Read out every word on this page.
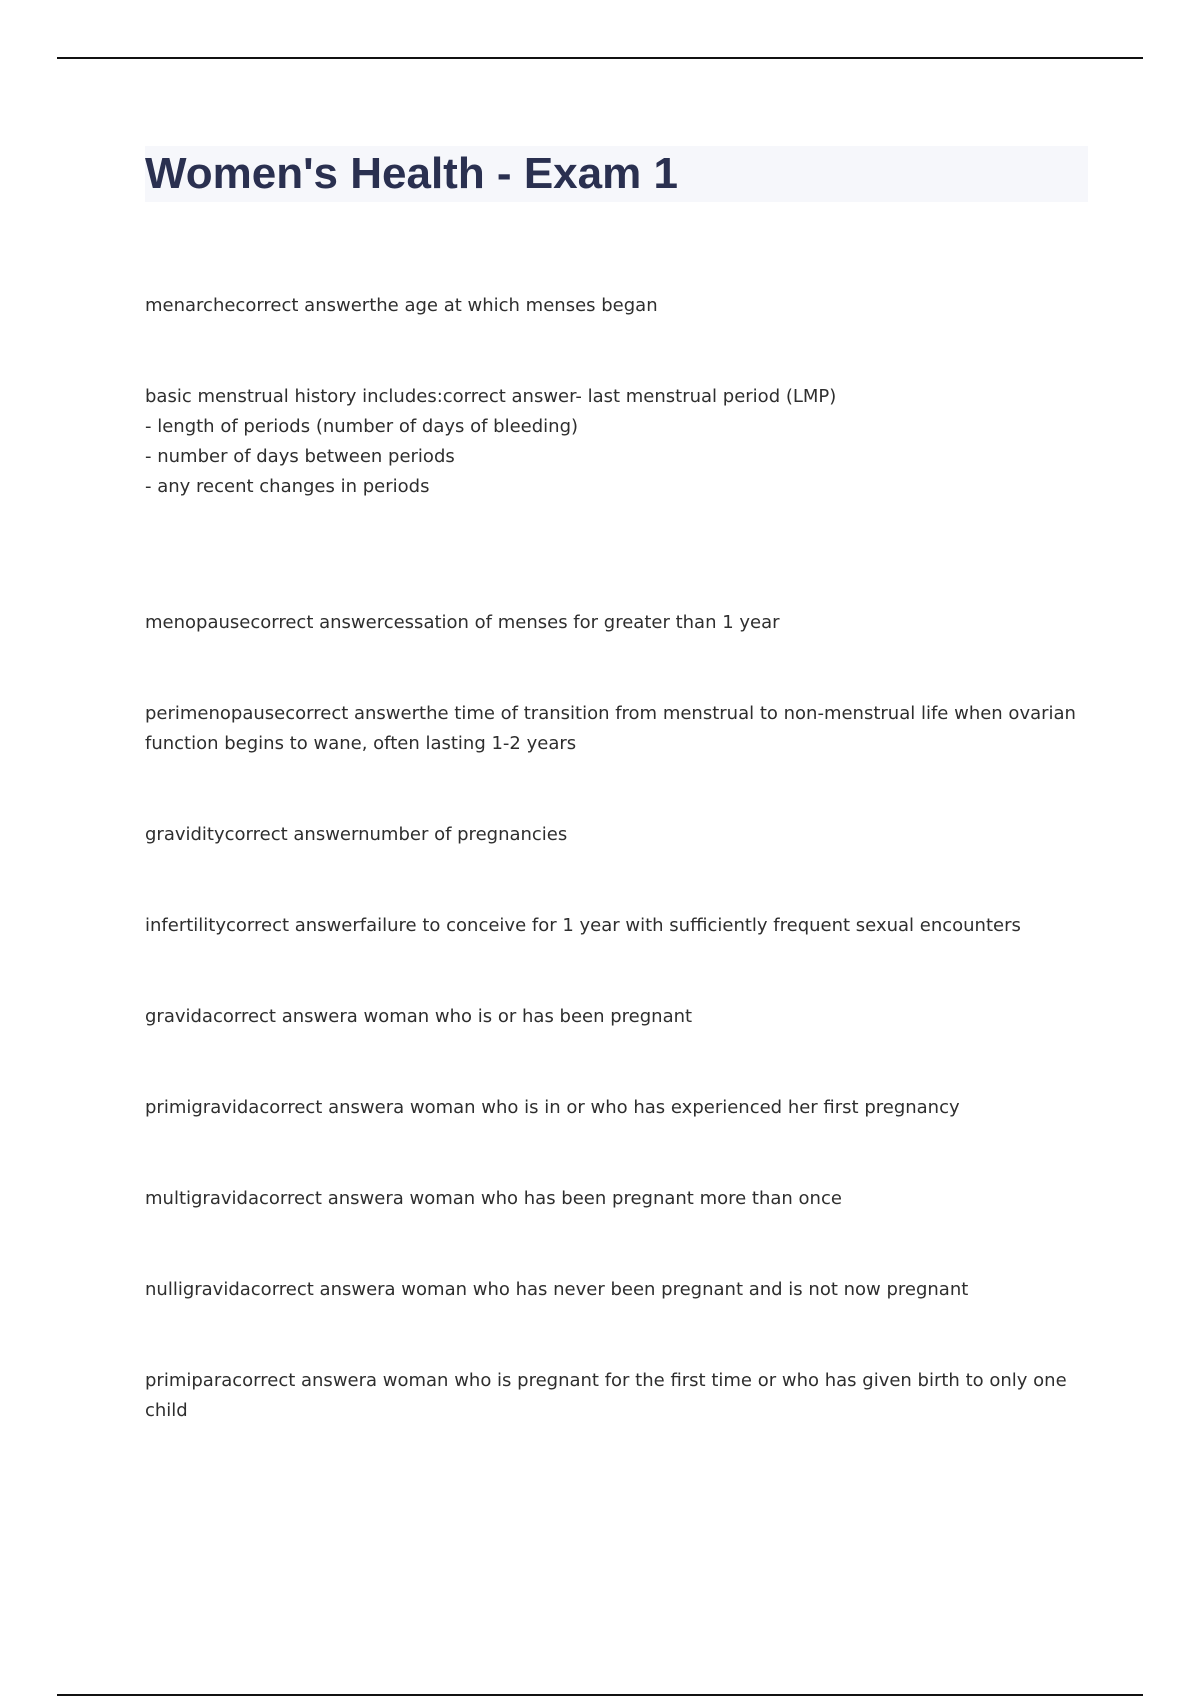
Women's Health - Exam 1

menarchecorrect answerthe age at which menses began

basic menstrual history includes:correct answer- last menstrual period (LMP)

- length of periods (number of days of bleeding)

- number of days between periods

- any recent changes in periods

menopausecorrect answercessation of menses for greater than 1 year

perimenopausecorrect answerthe time of transition from menstrual to non-menstrual life when ovarian function begins to wane, often lasting 1-2 years

graviditycorrect answernumber of pregnancies

infertilitycorrect answerfailure to conceive for 1 year with sufficiently frequent sexual encounters

gravidacorrect answera woman who is or has been pregnant

primigravidacorrect answera woman who is in or who has experienced her first pregnancy

multigravidacorrect answera woman who has been pregnant more than once

nulligravidacorrect answera woman who has never been pregnant and is not now pregnant

primiparacorrect answera woman who is pregnant for the first time or who has given birth to only one child
